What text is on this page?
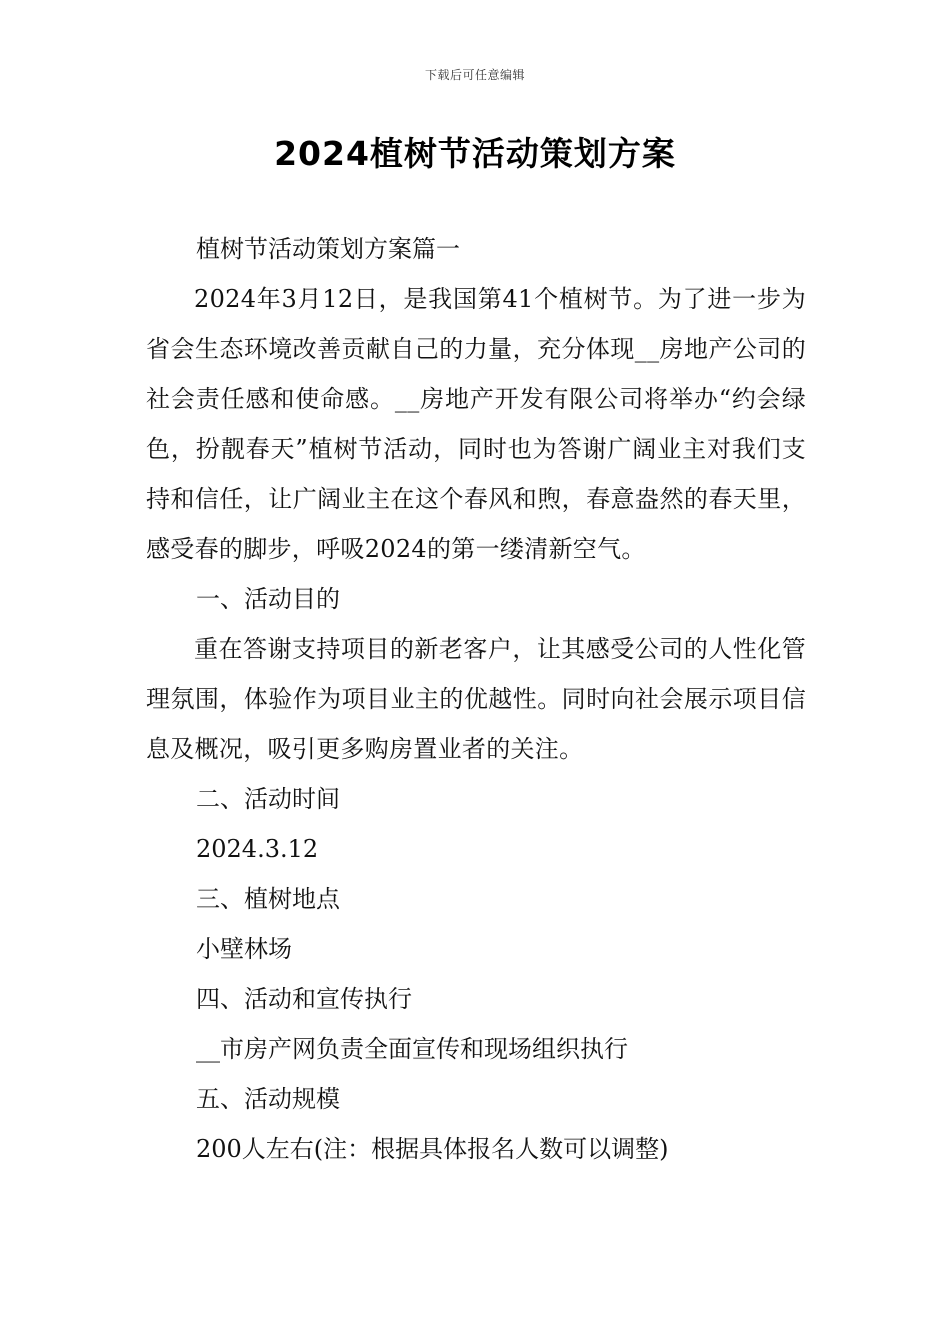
下载后可任意编辑
2024植树节活动策划方案

植树节活动策划方案篇一

2024年3月12日，是我国第41个植树节。为了进一步为省会生态环境改善贡献自己的力量，充分体现__房地产公司的社会责任感和使命感。__房地产开发有限公司将举办“约会绿色，扮靓春天”植树节活动，同时也为答谢广阔业主对我们支持和信任，让广阔业主在这个春风和煦，春意盎然的春天里，感受春的脚步，呼吸2024的第一缕清新空气。

一、活动目的

重在答谢支持项目的新老客户，让其感受公司的人性化管理氛围，体验作为项目业主的优越性。同时向社会展示项目信息及概况，吸引更多购房置业者的关注。

二、活动时间

2024.3.12

三、植树地点

小壁林场

四、活动和宣传执行

__市房产网负责全面宣传和现场组织执行

五、活动规模

200人左右(注：根据具体报名人数可以调整)
